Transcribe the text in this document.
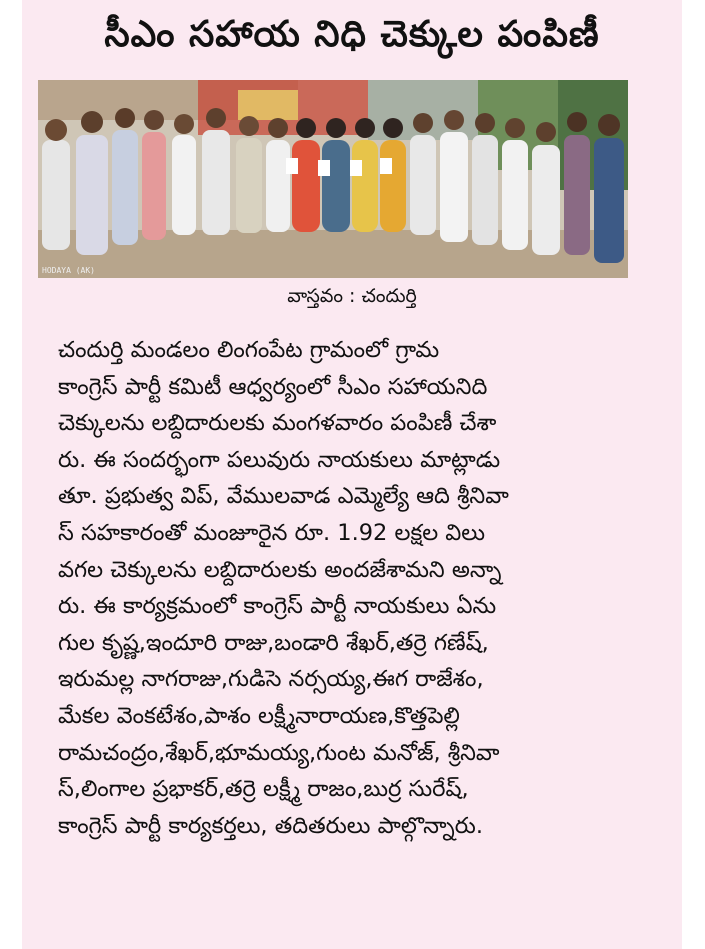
సీఎం సహాయ నిధి చెక్కుల పంపిణీ
HODAYA (AK)
వాస్తవం : చందుర్తి
చందుర్తి మండలం లింగంపేట గ్రామంలో గ్రామ
కాంగ్రెస్ పార్టీ కమిటీ ఆధ్వర్యంలో సీఎం సహాయనిది
చెక్కులను లబ్దిదారులకు మంగళవారం పంపిణీ చేశా
రు. ఈ సందర్భంగా పలువురు నాయకులు మాట్లాడు
తూ. ప్రభుత్వ విప్, వేములవాడ ఎమ్మెల్యే ఆది శ్రీనివా
స్ సహకారంతో మంజూరైన రూ. 1.92 లక్షల విలు
వగల చెక్కులను లబ్దిదారులకు అందజేశామని అన్నా
రు. ఈ కార్యక్రమంలో కాంగ్రెస్ పార్టీ నాయకులు ఏను
గుల కృష్ణ,ఇందూరి రాజు,బండారి శేఖర్,తర్రె గణేష్,
ఇరుమల్ల నాగరాజు,గుడిసె నర్సయ్య,ఈగ రాజేశం,
మేకల వెంకటేశం,పాశం లక్ష్మీనారాయణ,కొత్తపెల్లి
రామచంద్రం,శేఖర్,భూమయ్య,గుంట మనోజ్, శ్రీనివా
స్,లింగాల ప్రభాకర్,తర్రె లక్ష్మీ రాజం,బుర్ర సురేష్,
కాంగ్రెస్ పార్టీ కార్యకర్తలు, తదితరులు పాల్గొన్నారు.
